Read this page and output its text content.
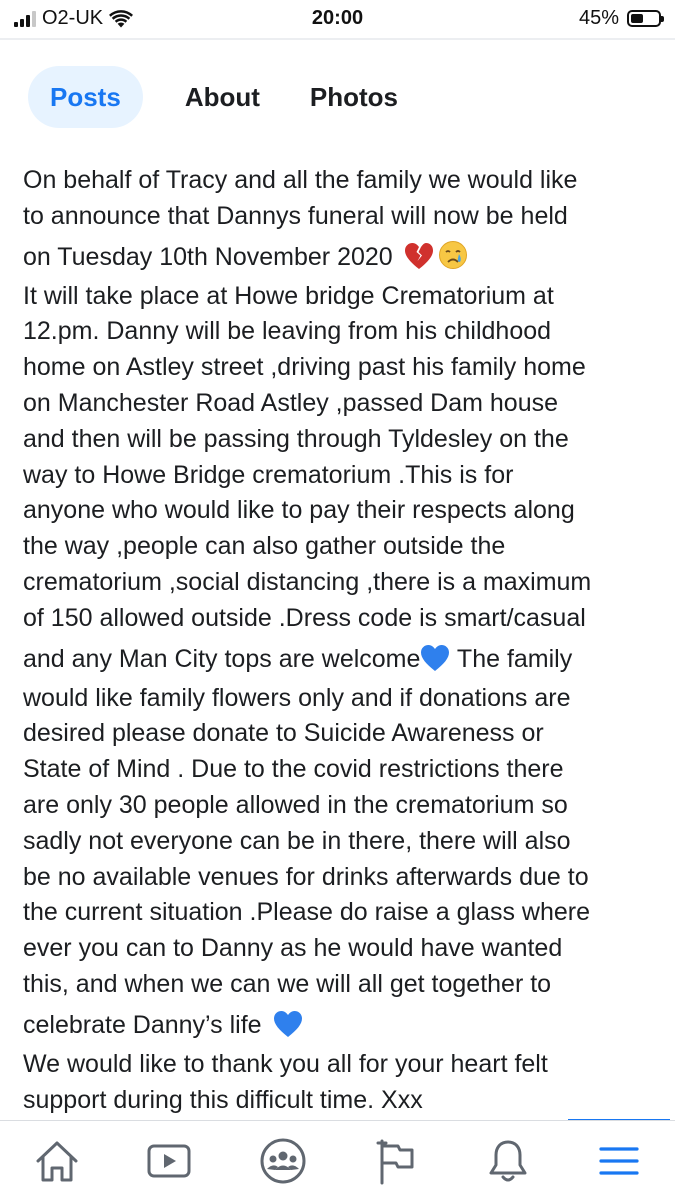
O2-UK	20:00	45%
Posts	About	Photos

On behalf of Tracy and all the family we would like

to announce that Dannys funeral will now be held

on Tuesday 10th November 2020

It will take place at Howe bridge Crematorium at

12.pm. Danny will be leaving from his childhood

home on Astley street ,driving past his family home

on Manchester Road Astley ,passed Dam house

and then will be passing through Tyldesley on the

way to Howe Bridge crematorium .This is for

anyone who would like to pay their respects along

the way ,people can also gather outside the

crematorium ,social distancing ,there is a maximum

of 150 allowed outside .Dress code is smart/casual

and any Man City tops are welcome The family

would like family flowers only and if donations are

desired please donate to Suicide Awareness or

State of Mind . Due to the covid restrictions there

are only 30 people allowed in the crematorium so

sadly not everyone can be in there, there will also

be no available venues for drinks afterwards due to

the current situation .Please do raise a glass where

ever you can to Danny as he would have wanted

this, and when we can we will all get together to

celebrate Danny’s life

We would like to thank you all for your heart felt

support during this difficult time. Xxx
